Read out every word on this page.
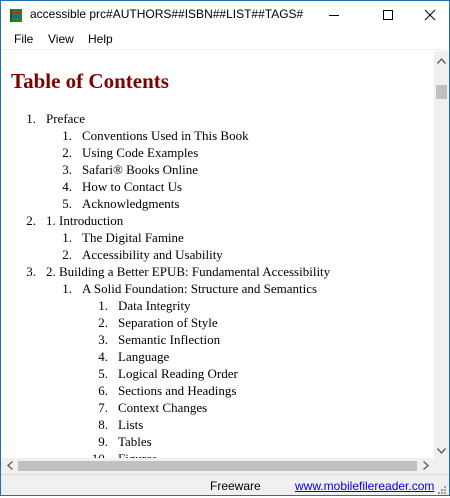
accessible prc#AUTHORS##ISBN##LIST##TAGS#
File View Help
Table of Contents
1. Preface
1. Conventions Used in This Book
2. Using Code Examples
3. Safari® Books Online
4. How to Contact Us
5. Acknowledgments
2. 1. Introduction
1. The Digital Famine
2. Accessibility and Usability
3. 2. Building a Better EPUB: Fundamental Accessibility
1. A Solid Foundation: Structure and Semantics
1. Data Integrity
2. Separation of Style
3. Semantic Inflection
4. Language
5. Logical Reading Order
6. Sections and Headings
7. Context Changes
8. Lists
9. Tables
Freeware	www.mobilefilereader.com
